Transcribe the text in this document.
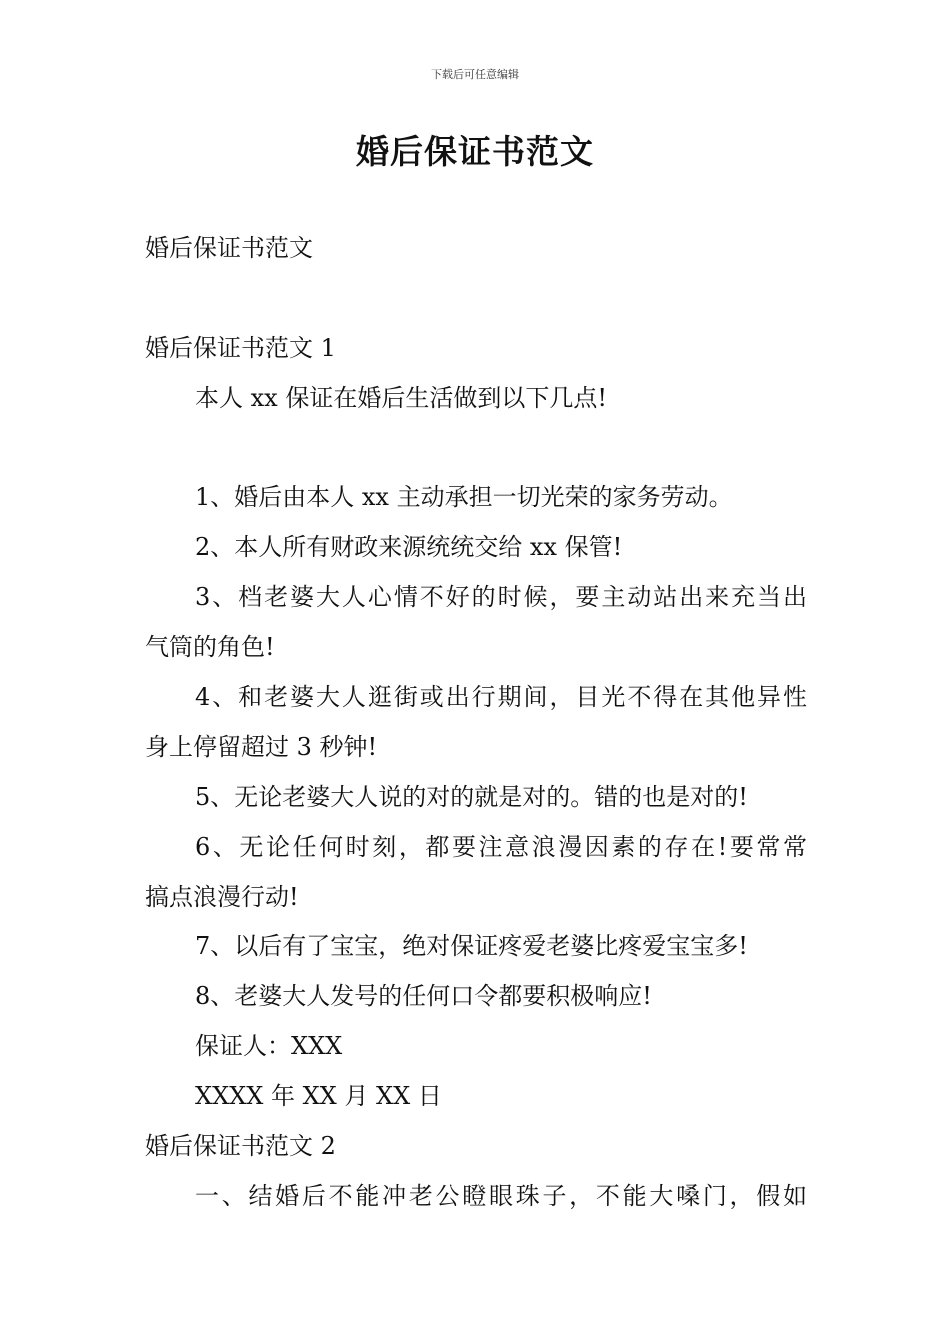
下载后可任意编辑
婚后保证书范文
婚后保证书范文
婚后保证书范文 1
本人 xx 保证在婚后生活做到以下几点!
1、婚后由本人 xx 主动承担一切光荣的家务劳动。
2、本人所有财政来源统统交给 xx 保管!
3、档老婆大人心情不好的时候，要主动站出来充当出
气筒的角色!
4、和老婆大人逛街或出行期间，目光不得在其他异性
身上停留超过 3 秒钟!
5、无论老婆大人说的对的就是对的。错的也是对的!
6、无论任何时刻，都要注意浪漫因素的存在!要常常
搞点浪漫行动!
7、以后有了宝宝，绝对保证疼爱老婆比疼爱宝宝多!
8、老婆大人发号的任何口令都要积极响应!
保证人：XXX
XXXX 年 XX 月 XX 日
婚后保证书范文 2
一、结婚后不能冲老公瞪眼珠子，不能大嗓门，假如
